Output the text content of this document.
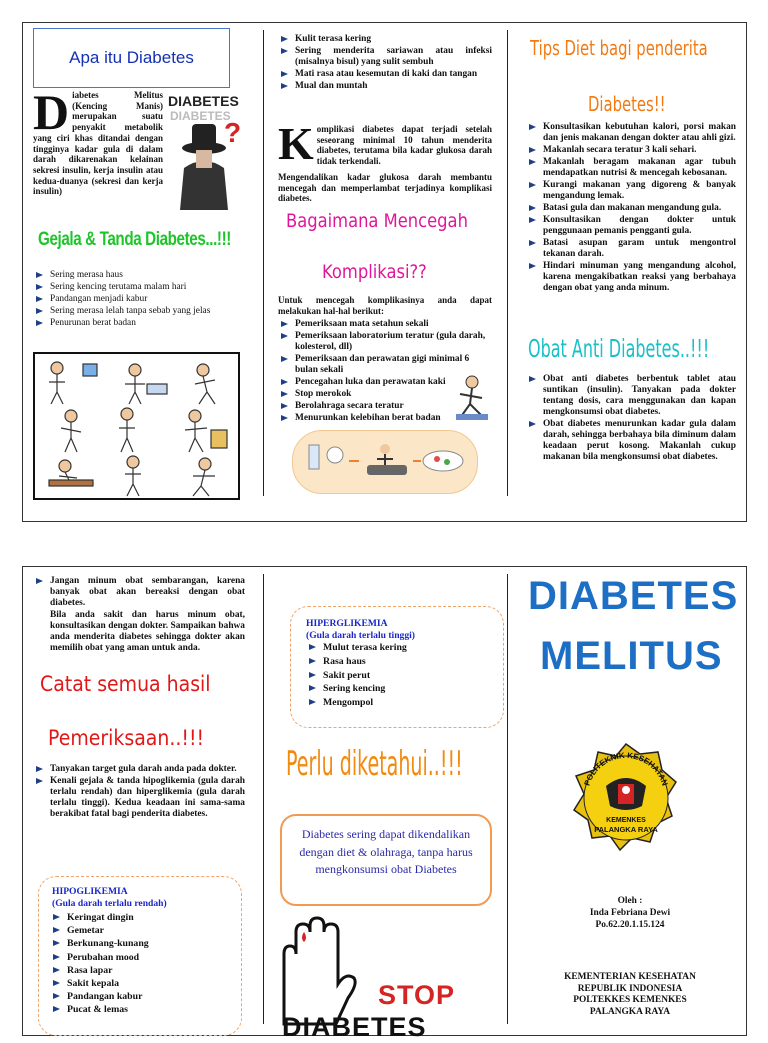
Apa itu Diabetes
D iabetes Melitus (Kencing Manis) merupakan suatu penyakit metabolik yang ciri khas ditandai dengan tingginya kadar gula di dalam darah dikarenakan kelainan sekresi insulin, kerja insulin atau kedua-duanya (sekresi dan kerja insulin)
DIABETES
DIABETES
?
Gejala & Tanda Diabetes...!!!
Sering merasa haus
Sering kencing terutama malam hari
Pandangan menjadi kabur
Sering merasa lelah tanpa sebab yang jelas
Penurunan berat badan
Kulit terasa kering
Sering menderita sariawan atau infeksi (misalnya bisul) yang sulit sembuh
Mati rasa atau kesemutan di kaki dan tangan
Mual dan muntah
K omplikasi diabetes dapat terjadi setelah seseorang minimal 10 tahun menderita diabetes, terutama bila kadar glukosa darah tidak terkendali.
Mengendalikan kadar glukosa darah membantu mencegah dan memperlambat terjadinya komplikasi diabetes.
Bagaimana Mencegah
Komplikasi??
Untuk mencegah komplikasinya anda dapat melakukan hal-hal berikut:
Pemeriksaan mata setahun sekali
Pemeriksaan laboratorium teratur (gula darah, kolesterol, dll)
Pemeriksaan dan perawatan gigi minimal 6 bulan sekali
Pencegahan luka dan perawatan kaki
Stop merokok
Berolahraga secara teratur
Menurunkan kelebihan berat badan
Tips Diet bagi penderita
Diabetes!!
Konsultasikan kebutuhan kalori, porsi makan dan jenis makanan dengan dokter atau ahli gizi.
Makanlah secara teratur 3 kali sehari.
Makanlah beragam makanan agar tubuh mendapatkan nutrisi & mencegah kebosanan.
Kurangi makanan yang digoreng & banyak mengandung lemak.
Batasi gula dan makanan mengandung gula.
Konsultasikan dengan dokter untuk penggunaan pemanis pengganti gula.
Batasi asupan garam untuk mengontrol tekanan darah.
Hindari minuman yang mengandung alcohol, karena mengakibatkan reaksi yang berbahaya dengan obat yang anda minum.
Obat Anti Diabetes..!!!
Obat anti diabetes berbentuk tablet atau suntikan (insulin). Tanyakan pada dokter tentang dosis, cara menggunakan dan kapan mengkonsumsi obat diabetes.
Obat diabetes menurunkan kadar gula dalam darah, sehingga berbahaya bila diminum dalam keadaan perut kosong. Makanlah cukup makanan bila mengkonsumsi obat diabetes.
Jangan minum obat sembarangan, karena banyak obat akan bereaksi dengan obat diabetes.
Bila anda sakit dan harus minum obat, konsultasikan dengan dokter. Sampaikan bahwa anda menderita diabetes sehingga dokter akan memilih obat yang aman untuk anda.
Catat semua hasil
Pemeriksaan..!!!
Tanyakan target gula darah anda pada dokter.
Kenali gejala & tanda hipoglikemia (gula darah terlalu rendah) dan hiperglikemia (gula darah terlalu tinggi). Kedua keadaan ini sama-sama berakibat fatal bagi penderita diabetes.
HIPOGLIKEMIA
(Gula darah terlalu rendah)
Keringat dingin
Gemetar
Berkunang-kunang
Perubahan mood
Rasa lapar
Sakit kepala
Pandangan kabur
Pucat & lemas
HIPERGLIKEMIA
(Gula darah terlalu tinggi)
Mulut terasa kering
Rasa haus
Sakit perut
Sering kencing
Mengompol
Perlu diketahui..!!!
Diabetes sering dapat dikendalikan dengan diet & olahraga, tanpa harus mengkonsumsi obat Diabetes
STOP
DIABETES
DIABETES
MELITUS
POLITEKNIK KESEHATAN
KEMENKES
PALANGKA RAYA
Oleh :
Inda Febriana Dewi
Po.62.20.1.15.124
KEMENTERIAN KESEHATAN
REPUBLIK INDONESIA
POLTEKKES KEMENKES
PALANGKA RAYA
